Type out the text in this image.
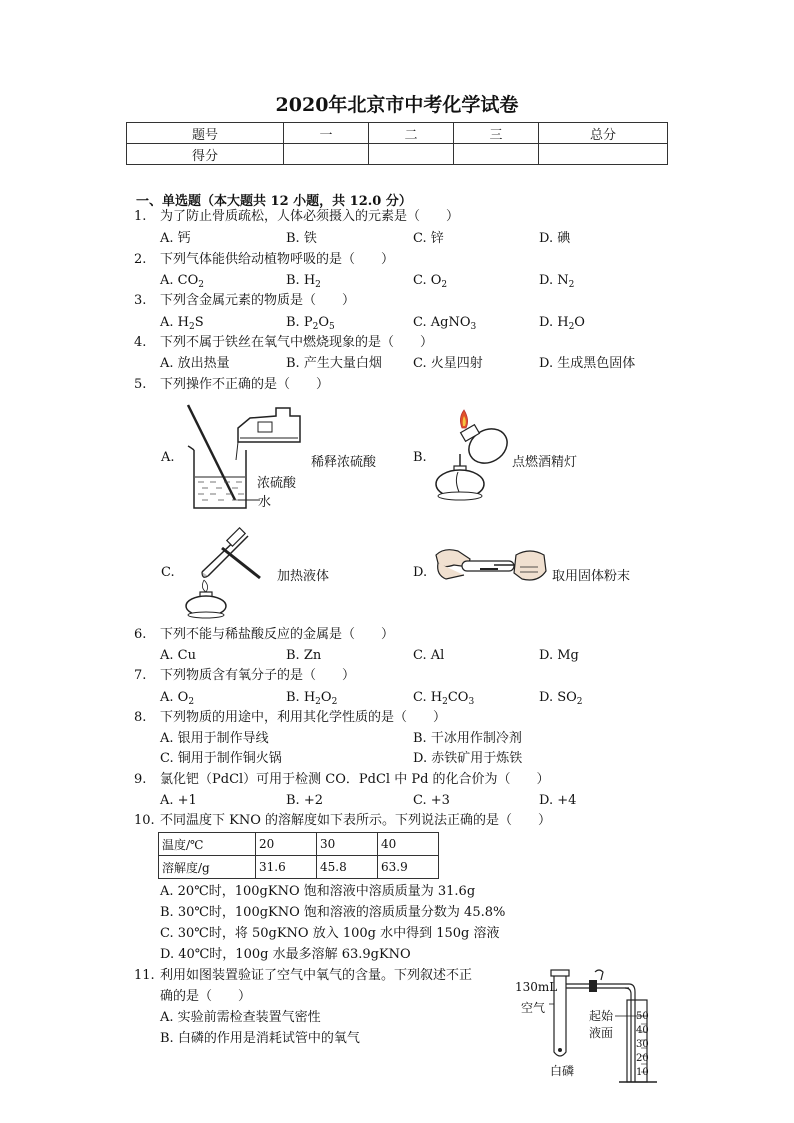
2020年北京市中考化学试卷
题号	一	二	三	总分
得分				
一、单选题（本大题共 12 小题，共 12.0 分）
1.	为了防止骨质疏松，人体必须摄入的元素是（　　）
A. 钙	B. 铁	C. 锌	D. 碘
2.	下列气体能供给动植物呼吸的是（　　）
A. $CO_2$	B. $H_2$	C. $O_2$	D. $N_2$
3.	下列含金属元素的物质是（　　）
A. $H_2S$	B. $P_2O_5$	C. AgNO$_3$	D. $H_2O$
4.	下列不属于铁丝在氧气中燃烧现象的是（　　）
A. 放出热量	B. 产生大量白烟 C. 火星四射	D. 生成黑色固体
5.	下列操作不正确的是（　　）
A.	稀释浓硫酸
浓硫酸
水
B.	点燃酒精灯
C.	加热液体	D.	取用固体粉末
6.	下列不能与稀盐酸反应的金属是（　　）
A. Cu	B. Zn	C. Al	D. Mg
7.	下列物质含有氧分子的是（　　）
A. $O_2$	B. $H_2O_2$	C. $H_2CO_3$	D. $SO_2$
8.	下列物质的用途中，利用其化学性质的是（　　）
A. 银用于制作导线	B. 干冰用作制冷剂
C. 铜用于制作铜火锅	D. 赤铁矿用于炼铁
9.	氯化钯（PdCl）可用于检测 CO．PdCl 中 Pd 的化合价为（　　）
A. +1	B. +2	C. +3	D. +4
10. 不同温度下 KNO 的溶解度如下表所示。下列说法正确的是（　　）
温度/℃	20	30	40
溶解度/g	31.6	45.8	63.9
A. 20℃时，100gKNO 饱和溶液中溶质质量为 31.6g
B. 30℃时，100gKNO 饱和溶液的溶质质量分数为 45.8%
C. 30℃时，将 50gKNO 放入 100g 水中得到 150g 溶液
D. 40℃时，100g 水最多溶解 63.9gKNO
11. 利用如图装置验证了空气中氧气的含量。下列叙述不正
确的是（　　）
A. 实验前需检查装置气密性
B. 白磷的作用是消耗试管中的氧气
130mL
空气
起始
液面
白磷
50
40
30
20
10
